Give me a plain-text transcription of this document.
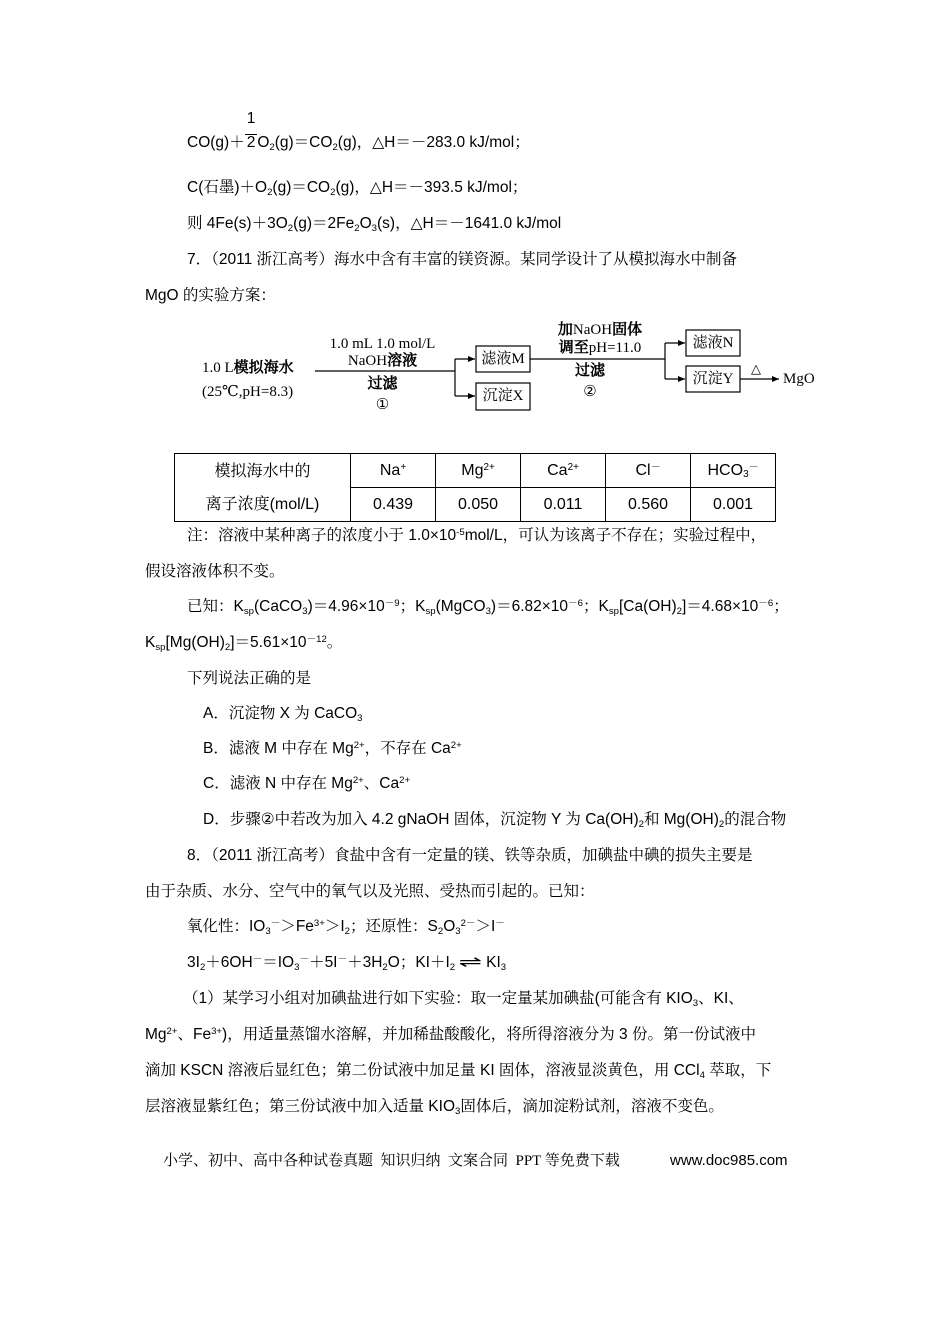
$CO(g)+ \frac{1}{2}O_2(g)=CO_2(g)$，△H＝－283.0 kJ/mol；
C(石墨)$+O_2(g)=CO_2(g)$，△H＝－393.5 kJ/mol；
则 $4Fe(s)+3O_2(g)=2Fe_2O_3(s)$，△H＝－1641.0 kJ/mol
7．（2011 浙江高考）海水中含有丰富的镁资源。某同学设计了从模拟海水中制备
MgO 的实验方案：
1.0 L模拟海水
(25℃,pH=8.3)
1.0 mL 1.0 mol/L
NaOH溶液
过滤
①
滤液M
沉淀X
加NaOH固体
调至pH=11.0
过滤
②
滤液N
沉淀Y
△
MgO
模拟海水中的
离子浓度(mol/L)	Na+	$Mg^{2+}$	$Ca^{2+}$	Cl－	$HCO_3^-$
	0.439	0.050	0.011	0.560	0.001
注：溶液中某种离子的浓度小于 $1.0\times 10^{-5}mol/L$，可认为该离子不存在；实验过程中，
假设溶液体积不变。
已知：$K_{sp}(CaCO_3)=4.96\times 10^{-9}$；$K_{sp}(MgCO_3)=6.82\times 10^{-6}$；$K_{sp}[Ca(OH)_2]=4.68\times 10^{-6}$；
$K_{sp}[Mg(OH)_2]=5.61\times 10^{-12}$。
下列说法正确的是
A．沉淀物 X 为 CaCO$_3$
B．滤液 M 中存在 $Mg^{2+}$，不存在 $Ca^{2+}$
C．滤液 N 中存在 $Mg^{2+}$、$Ca^{2+}$
D．步骤②中若改为加入 4.2 gNaOH 固体，沉淀物 Y 为 $Ca(OH)_2$和 $Mg(OH)_2$的混合物
8．（2011 浙江高考）食盐中含有一定量的镁、铁等杂质，加碘盐中碘的损失主要是
由于杂质、水分、空气中的氧气以及光照、受热而引起的。已知：
氧化性：$IO_3^->Fe^{3+}>I_2$；还原性：$S_2O_3^{2-}>I^-$
$3I_2+6OH^-=IO_3^-+5I^-+3H_2O$；$KI+I_2$ ⇌ $KI_3$
（1）某学习小组对加碘盐进行如下实验：取一定量某加碘盐(可能含有 $KIO_3$、KI、
$Mg^{2+}$、$Fe^{3+}$)，用适量蒸馏水溶解，并加稀盐酸酸化，将所得溶液分为 3 份。第一份试液中
滴加 KSCN 溶液后显红色；第二份试液中加足量 KI 固体，溶液显淡黄色，用 CCl$_4$ 萃取，下
层溶液显紫红色；第三份试液中加入适量 $KIO_3$固体后，滴加淀粉试剂，溶液不变色。
小学、初中、高中各种试卷真题  知识归纳  文案合同  PPT 等免费下载	www.doc985.com
